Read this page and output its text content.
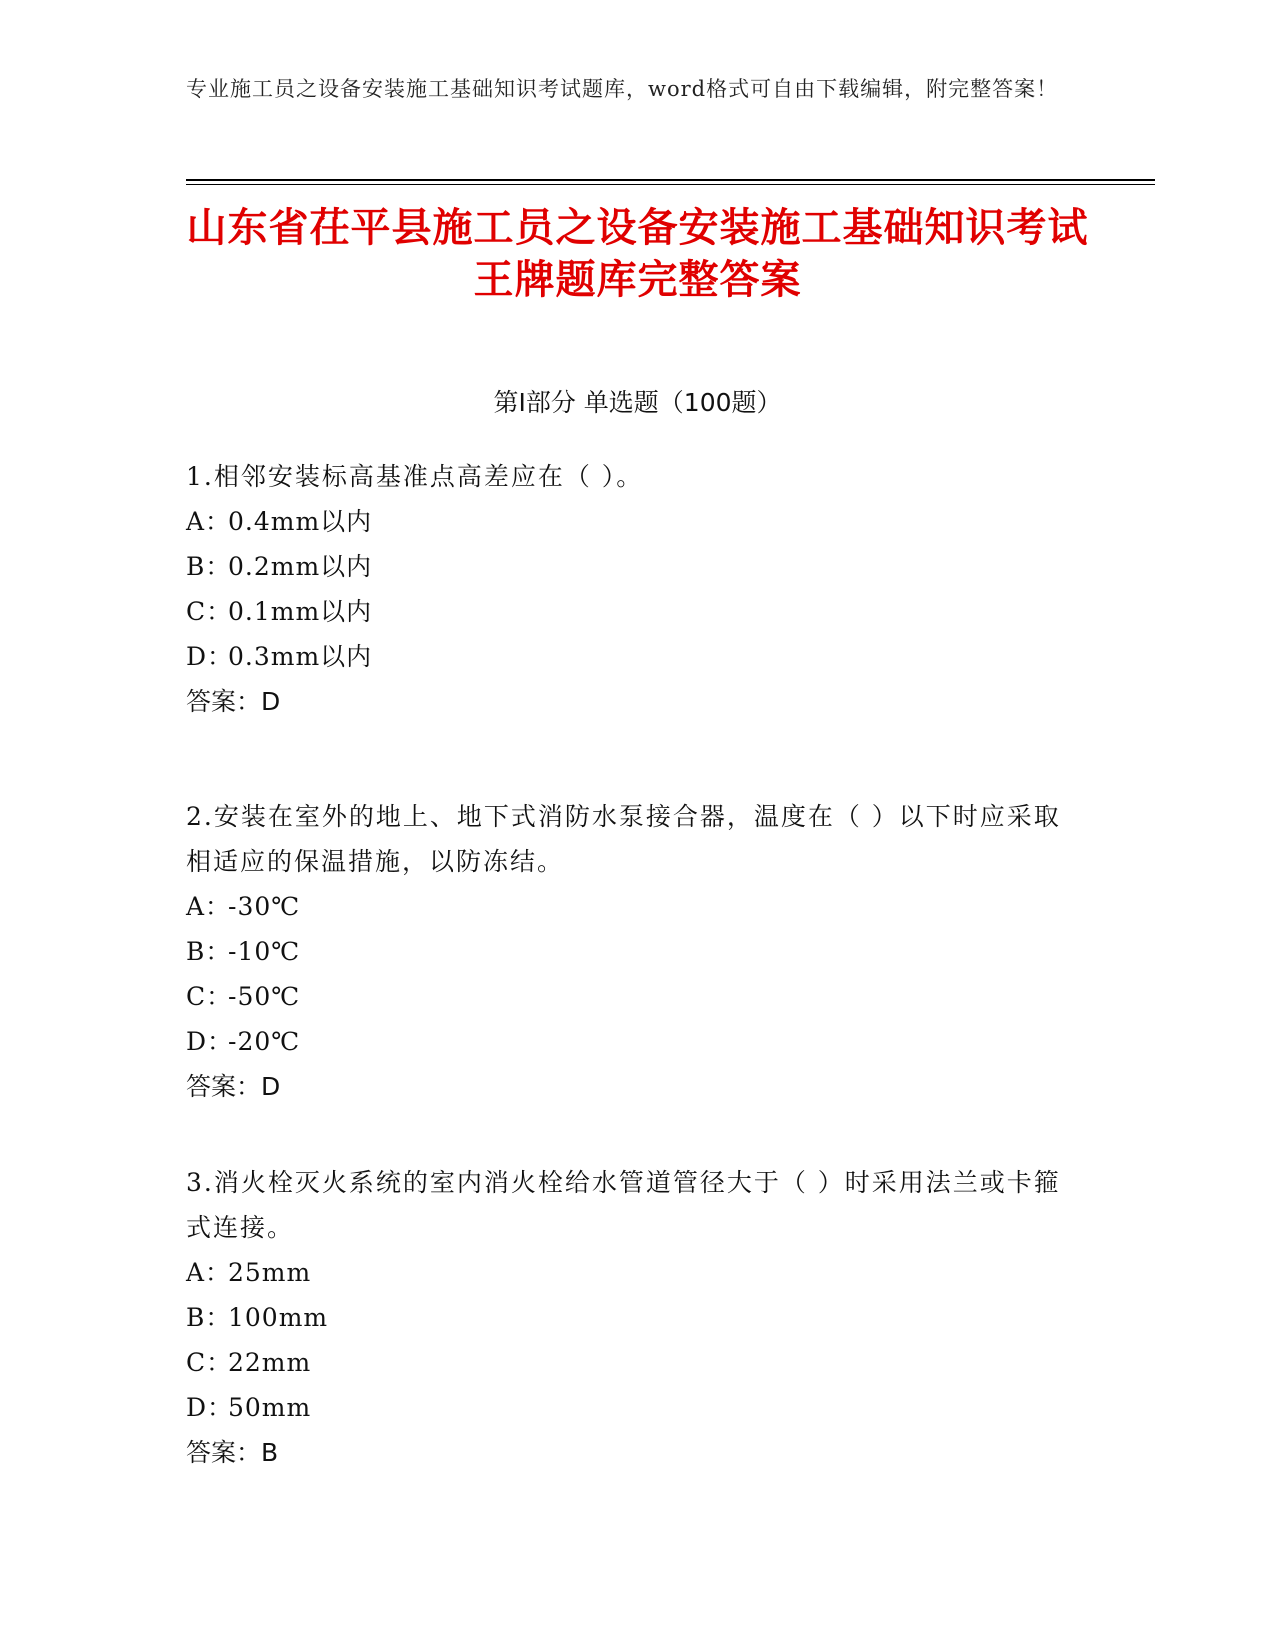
专业施工员之设备安装施工基础知识考试题库，word格式可自由下载编辑，附完整答案！
山东省茌平县施工员之设备安装施工基础知识考试王牌题库完整答案
第Ⅰ部分 单选题（100题）
1.相邻安装标高基准点高差应在（ ）。
A：
0.4mm以内
B：
0.2mm以内
C：
0.1mm以内
D：
0.3mm以内
答案：D
2.安装在室外的地上、地下式消防水泵接合器，温度在（ ）以下时应采取相适应的保温措施，以防冻结。
A：
-30℃
B：
-10℃
C：
-50℃
D：
-20℃
答案：D
3.消火栓灭火系统的室内消火栓给水管道管径大于（ ）时采用法兰或卡箍式连接。
A：
25mm
B：
100mm
C：
22mm
D：
50mm
答案：B
